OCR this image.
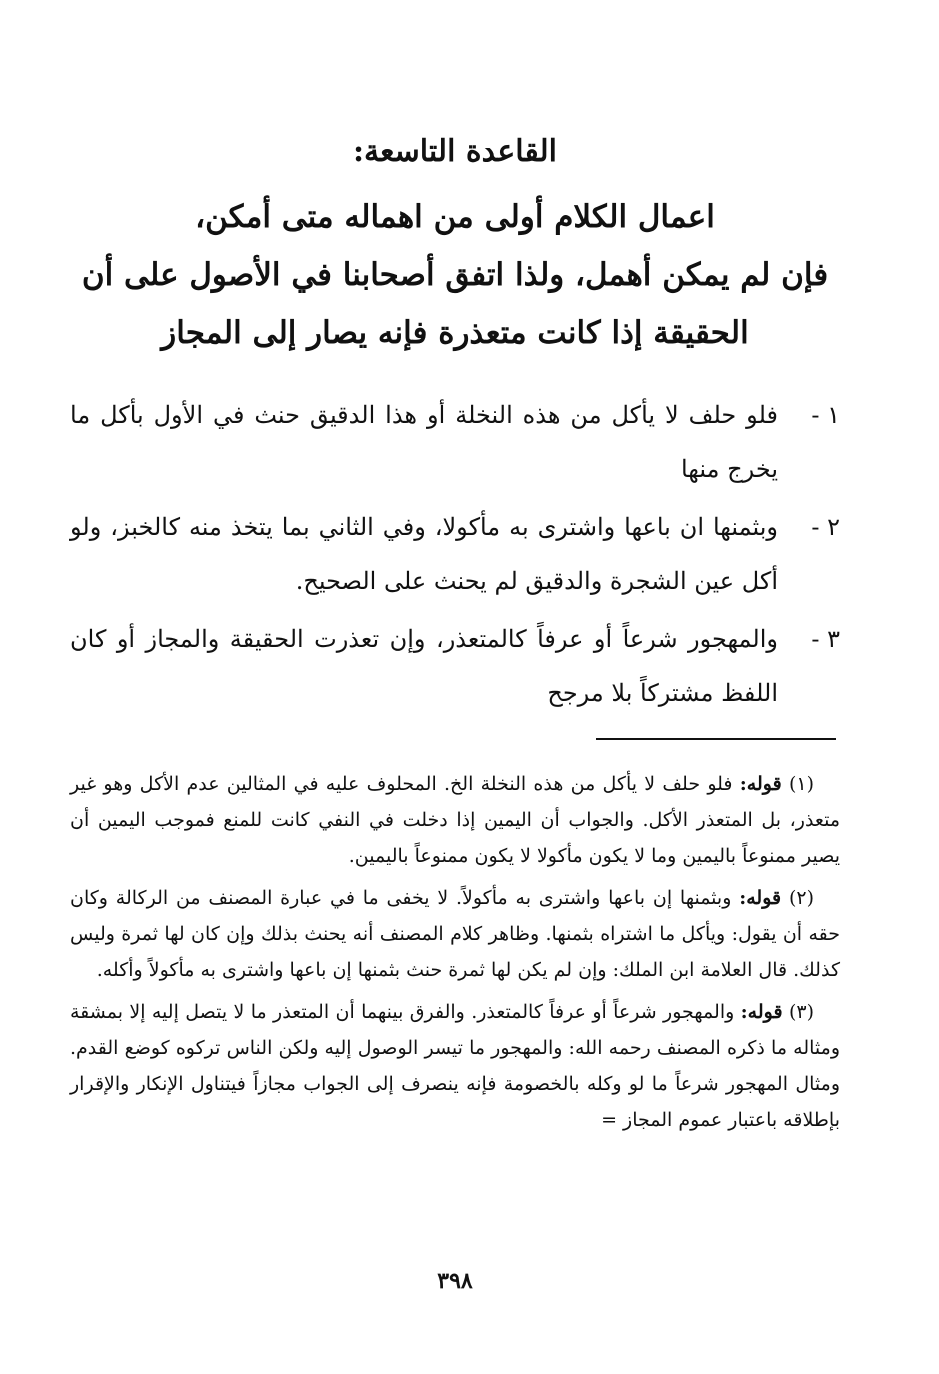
القاعدة التاسعة:

اعمال الكلام أولى من اهماله متى أمكن،

فإن لم يمكن أهمل، ولذا اتفق أصحابنا في الأصول على أن

الحقيقة إذا كانت متعذرة فإنه يصار إلى المجاز

١ -
فلو حلف لا يأكل من هذه النخلة أو هذا الدقيق حنث في الأول بأكل ما يخرج منها
٢ -
وبثمنها ان باعها واشترى به مأكولا، وفي الثاني بما يتخذ منه كالخبز، ولو أكل عين الشجرة والدقيق لم يحنث على الصحيح.
٣ -
والمهجور شرعاً أو عرفاً كالمتعذر، وإن تعذرت الحقيقة والمجاز أو كان اللفظ مشتركاً بلا مرجح

(١) قوله: فلو حلف لا يأكل من هذه النخلة الخ. المحلوف عليه في المثالين عدم الأكل وهو غير متعذر، بل المتعذر الأكل. والجواب أن اليمين إذا دخلت في النفي كانت للمنع فموجب اليمين أن يصير ممنوعاً باليمين وما لا يكون مأكولا لا يكون ممنوعاً باليمين.

(٢) قوله: وبثمنها إن باعها واشترى به مأكولاً. لا يخفى ما في عبارة المصنف من الركالة وكان حقه أن يقول: ويأكل ما اشتراه بثمنها. وظاهر كلام المصنف أنه يحنث بذلك وإن كان لها ثمرة وليس كذلك. قال العلامة ابن الملك: وإن لم يكن لها ثمرة حنث بثمنها إن باعها واشترى به مأكولاً وأكله.

(٣) قوله: والمهجور شرعاً أو عرفاً كالمتعذر. والفرق بينهما أن المتعذر ما لا يتصل إليه إلا بمشقة ومثاله ما ذكره المصنف رحمه الله: والمهجور ما تيسر الوصول إليه ولكن الناس تركوه كوضع القدم. ومثال المهجور شرعاً ما لو وكله بالخصومة فإنه ينصرف إلى الجواب مجازاً فيتناول الإنكار والإقرار بإطلاقه باعتبار عموم المجاز =

٣٩٨
